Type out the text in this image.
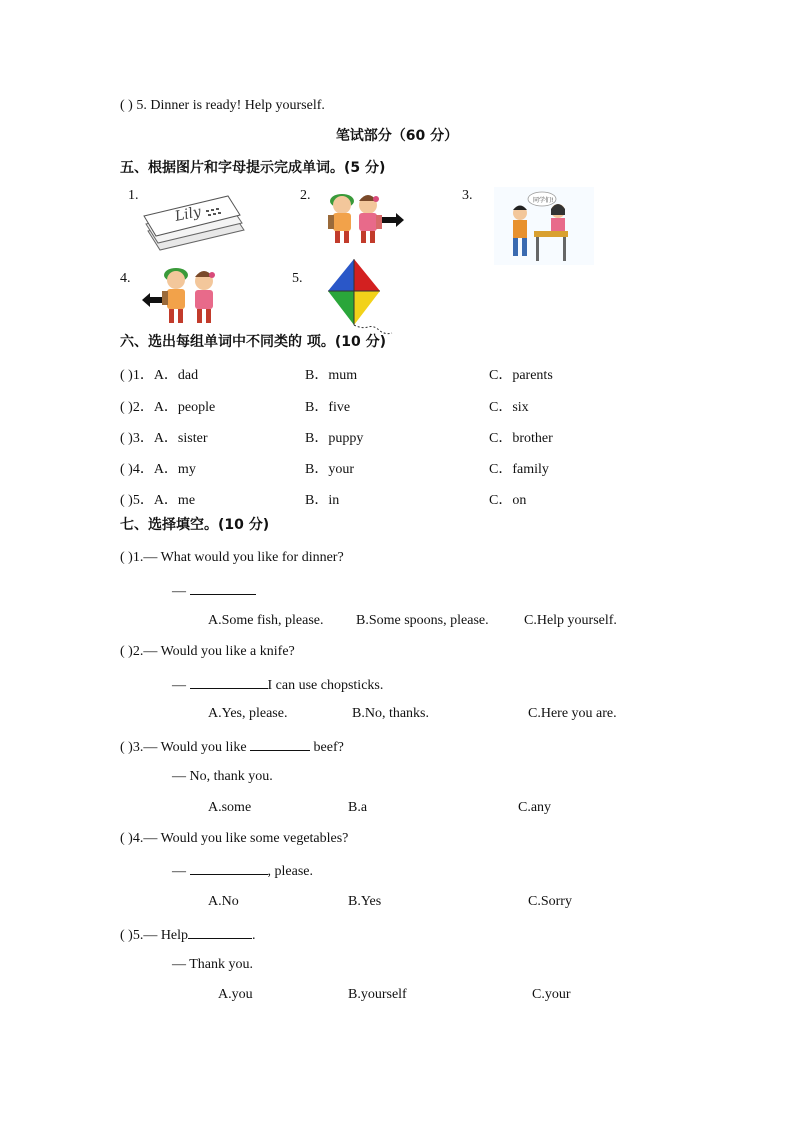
( ) 5. Dinner is ready! Help yourself.
笔试部分（60 分）
五、根据图片和字母提示完成单词。(5 分)
1.
Lily
2.	3.	同学们!
4.	5.
六、选出每组单词中不同类的 项。(10 分)
( )1．A．dad	B．mum	C．parents
( )2．A．people	B．five	C．six
( )3．A．sister	B．puppy	C．brother
( )4．A．my	B．your	C．family
( )5．A．me	B．in	C．on
七、选择填空。(10 分)
( )1.— What would you like for dinner?
—
A.Some fish, please. B.Some spoons, please.	C.Help yourself.
( )2.— Would you like a knife?
—	I can use chopsticks.
A.Yes, please.	B.No, thanks.	C.Here you are.
( )3.— Would you like	beef?
— No, thank you.
A.some	B.a	C.any
( )4.— Would you like some vegetables?
—	, please.
A.No	B.Yes	C.Sorry
( )5.— Help	.
— Thank you.
A.you	B.yourself	C.your
